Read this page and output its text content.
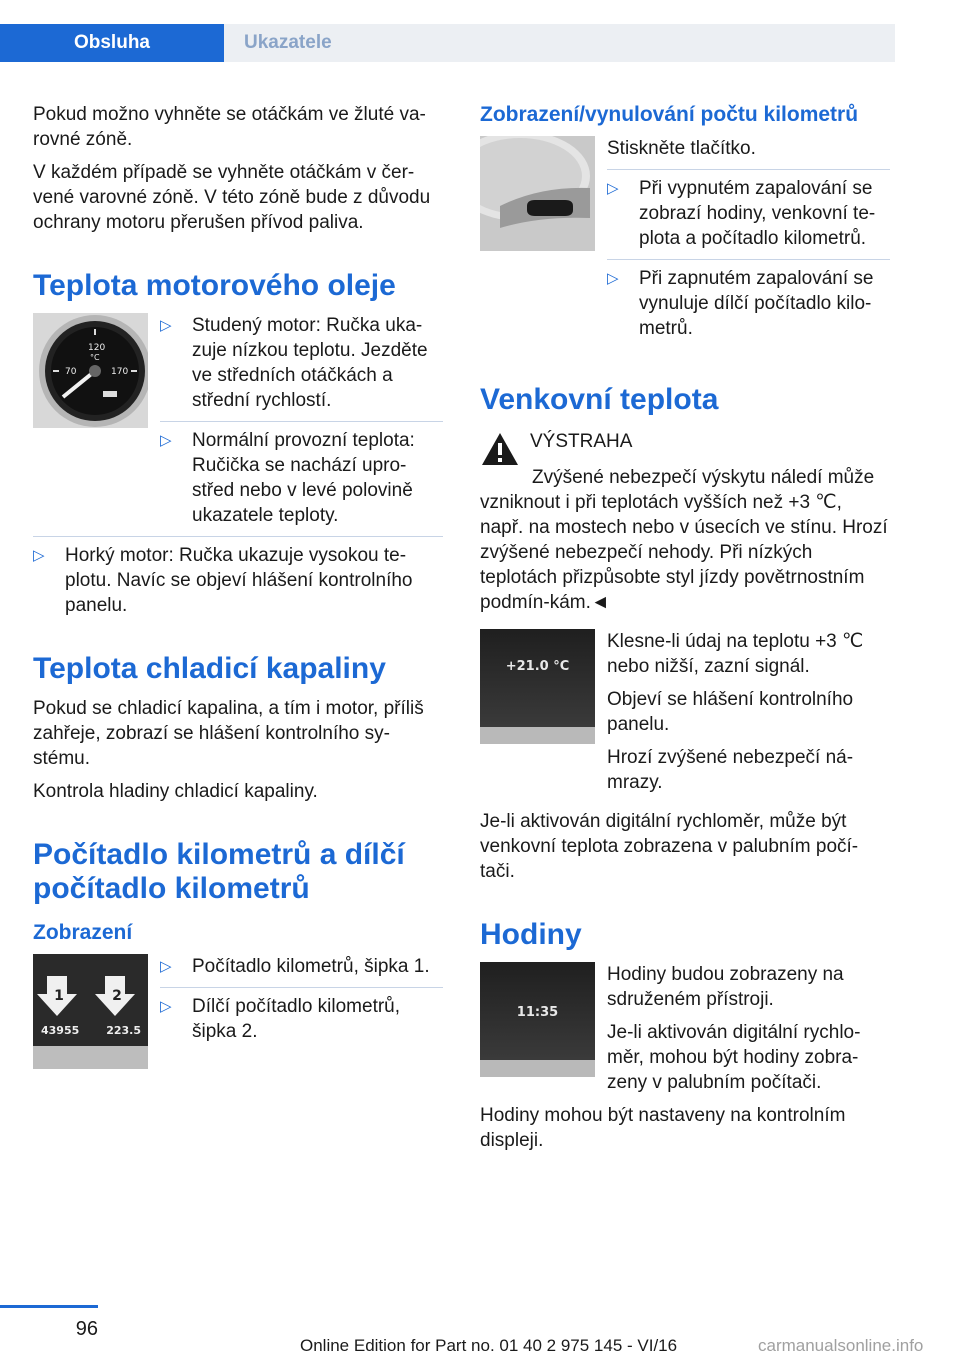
Obsluha	Ukazatele

Pokud možno vyhněte se otáčkám ve žluté va-rovné zóně.

V každém případě se vyhněte otáčkám v čer-vené varovné zóně. V této zóně bude z důvodu ochrany motoru přerušen přívod paliva.

Teplota motorového oleje
70
120
°C
170
▷ Studený motor: Ručka uka-zuje nízkou teplotu. Jezděte ve středních otáčkách a střední rychlostí.
▷ Normální provozní teplota: Ručička se nachází upro-střed nebo v levé polovině ukazatele teploty.
▷ Horký motor: Ručka ukazuje vysokou te-plotu. Navíc se objeví hlášení kontrolního panelu.
Teplota chladicí kapaliny

Pokud se chladicí kapalina, a tím i motor, příliš zahřeje, zobrazí se hlášení kontrolního sy-stému.

Kontrola hladiny chladicí kapaliny.

Počítadlo kilometrů a dílčí počítadlo kilometrů
Zobrazení
1	2
43955 223.5
▷ Počítadlo kilometrů, šipka 1.
▷ Dílčí počítadlo kilometrů, šipka 2.
Zobrazení/vynulování počtu kilometrů

Stiskněte tlačítko.

▷ Při vypnutém zapalování se zobrazí hodiny, venkovní te-plota a počítadlo kilometrů.
▷ Při zapnutém zapalování se vynuluje dílčí počítadlo kilo-metrů.
Venkovní teplota
VÝSTRAHA

Zvýšené nebezpečí výskytu náledí může vzniknout i při teplotách vyšších než +3 ℃, např. na mostech nebo v úsecích ve stínu. Hrozí zvýšené nebezpečí nehody. Při nízkých teplotách přizpůsobte styl jízdy povětrnostním podmín-kám.◄

+21.0 °C

Klesne-li údaj na teplotu +3 ℃ nebo nižší, zazní signál.

Objeví se hlášení kontrolního panelu.

Hrozí zvýšené nebezpečí ná-mrazy.

Je-li aktivován digitální rychloměr, může být venkovní teplota zobrazena v palubním počí-tači.

Hodiny
11:35

Hodiny budou zobrazeny na sdruženém přístroji.

Je-li aktivován digitální rychlo-měr, mohou být hodiny zobra-zeny v palubním počítači.

Hodiny mohou být nastaveny na kontrolním displeji.

96
Online Edition for Part no. 01 40 2 975 145 - VI/16	carmanualsonline.info
